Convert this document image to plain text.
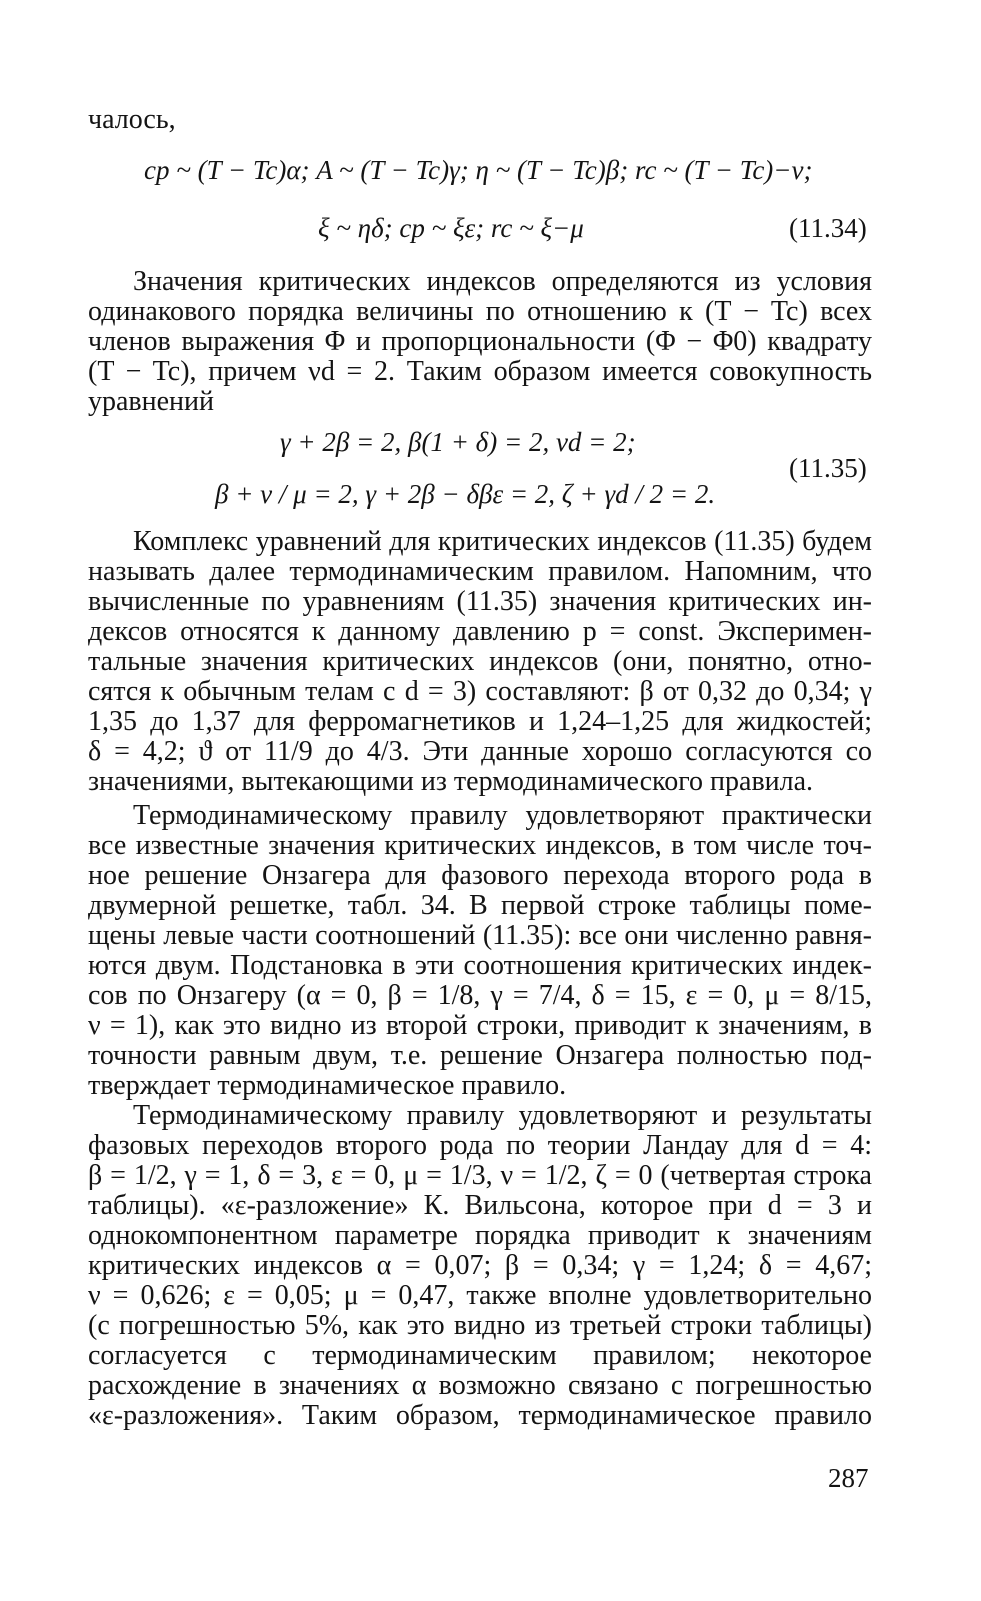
чалось,
cp ~ (T − Tc)α; A ~ (T − Tc)γ; η ~ (T − Tc)β; rc ~ (T − Tc)−ν;
ξ ~ ηδ; cp ~ ξε; rc ~ ξ−μ	(11.34)
Значения критических индексов определяются из условия
одинакового порядка величины по отношению к (T − Tc) всех
членов выражения Φ и пропорциональности (Φ − Φ0) квадрату
(T − Tc), причем νd = 2. Таким образом имеется совокупность
уравнений
γ + 2β = 2, β(1 + δ) = 2, νd = 2;
β + ν / μ = 2, γ + 2β − δβε = 2, ζ + γd / 2 = 2.
(11.35)
Комплекс уравнений для критических индексов (11.35) будем
называть далее термодинамическим правилом. Напомним, что
вычисленные по уравнениям (11.35) значения критических ин-
дексов относятся к данному давлению p = const. Эксперимен-
тальные значения критических индексов (они, понятно, отно-
сятся к обычным телам с d = 3) составляют: β от 0,32 до 0,34; γ
1,35 до 1,37 для ферромагнетиков и 1,24–1,25 для жидкостей;
δ = 4,2; ϑ от 11/9 до 4/3. Эти данные хорошо согласуются со
значениями, вытекающими из термодинамического правила.
Термодинамическому правилу удовлетворяют практически
все известные значения критических индексов, в том числе точ-
ное решение Онзагера для фазового перехода второго рода в
двумерной решетке, табл. 34. В первой строке таблицы поме-
щены левые части соотношений (11.35): все они численно равня-
ются двум. Подстановка в эти соотношения критических индек-
сов по Онзагеру (α = 0, β = 1/8, γ = 7/4, δ = 15, ε = 0, μ = 8/15,
ν = 1), как это видно из второй строки, приводит к значениям, в
точности равным двум, т.е. решение Онзагера полностью под-
тверждает термодинамическое правило.
Термодинамическому правилу удовлетворяют и результаты
фазовых переходов второго рода по теории Ландау для d = 4:
β = 1/2, γ = 1, δ = 3, ε = 0, μ = 1/3, ν = 1/2, ζ = 0 (четвертая строка
таблицы). «ε-разложение» К. Вильсона, которое при d = 3 и
однокомпонентном параметре порядка приводит к значениям
критических индексов α = 0,07; β = 0,34; γ = 1,24; δ = 4,67;
ν = 0,626; ε = 0,05; μ = 0,47, также вполне удовлетворительно
(с погрешностью 5%, как это видно из третьей строки таблицы)
согласуется с термодинамическим правилом; некоторое
расхождение в значениях α возможно связано с погрешностью
«ε-разложения». Таким образом, термодинамическое правило
287
